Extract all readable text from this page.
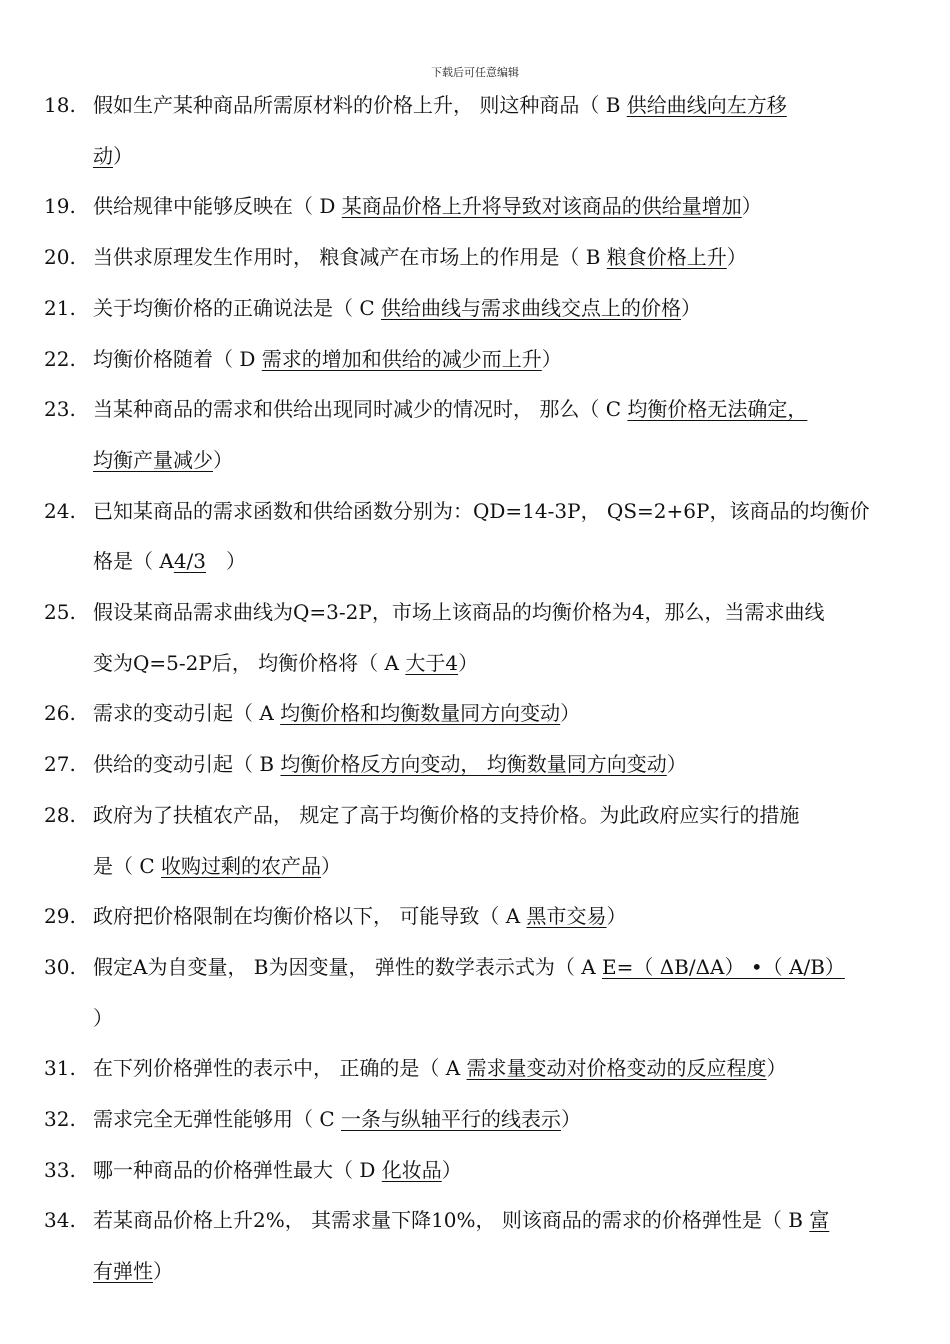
下载后可任意编辑
18. 假如生产某种商品所需原材料的价格上升， 则这种商品（ B 供给曲线向左方移
动）
19. 供给规律中能够反映在（ D 某商品价格上升将导致对该商品的供给量增加）
20. 当供求原理发生作用时， 粮食减产在市场上的作用是（ B 粮食价格上升）
21. 关于均衡价格的正确说法是（ C 供给曲线与需求曲线交点上的价格）
22. 均衡价格随着（ D 需求的增加和供给的减少而上升）
23. 当某种商品的需求和供给出现同时减少的情况时， 那么（ C 均衡价格无法确定，
均衡产量减少）
24. 已知某商品的需求函数和供给函数分别为：QD=14-3P， QS=2+6P，该商品的均衡价
格是（ A4/3　）
25. 假设某商品需求曲线为Q=3-2P，市场上该商品的均衡价格为4，那么，当需求曲线
变为Q=5-2P后， 均衡价格将（ A 大于4）
26. 需求的变动引起（ A 均衡价格和均衡数量同方向变动）
27. 供给的变动引起（ B 均衡价格反方向变动， 均衡数量同方向变动）
28. 政府为了扶植农产品， 规定了高于均衡价格的支持价格。为此政府应实行的措施
是（ C 收购过剩的农产品）
29. 政府把价格限制在均衡价格以下， 可能导致（ A 黑市交易）
30. 假定A为自变量， B为因变量， 弹性的数学表示式为（ A E=（ ΔB/ΔA） •（ A/B）
）
31. 在下列价格弹性的表示中， 正确的是（ A 需求量变动对价格变动的反应程度）
32. 需求完全无弹性能够用（ C 一条与纵轴平行的线表示）
33. 哪一种商品的价格弹性最大（ D 化妆品）
34. 若某商品价格上升2%， 其需求量下降10%， 则该商品的需求的价格弹性是（ B 富
有弹性）
